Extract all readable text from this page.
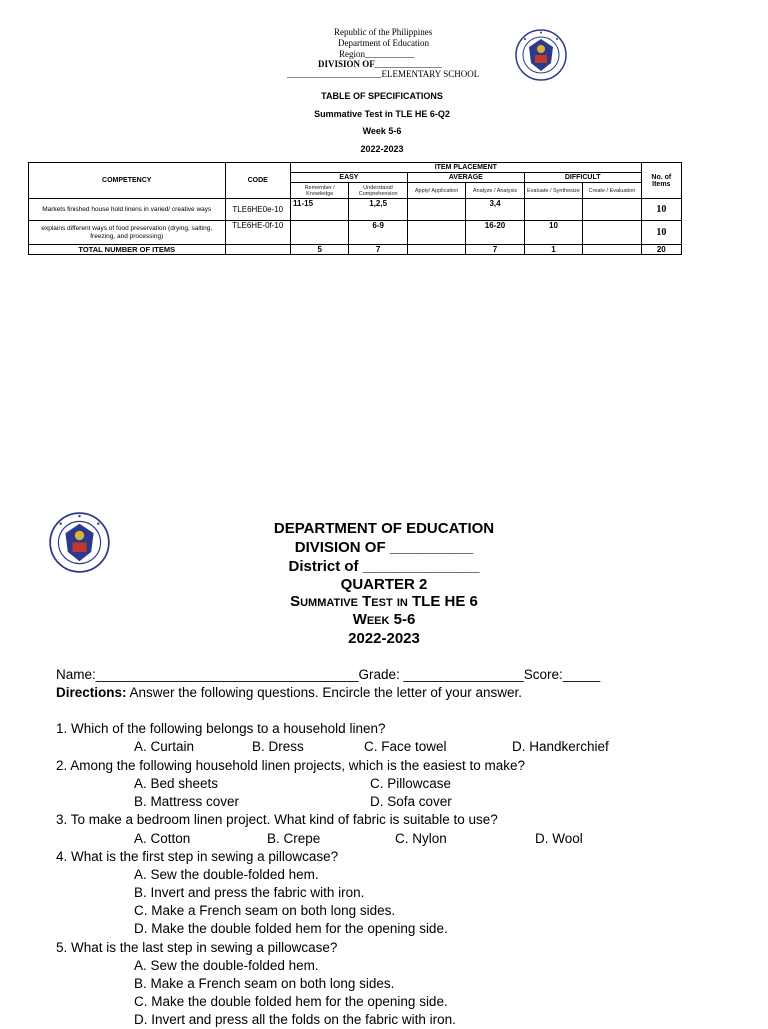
Republic of the Philippines
Department of Education
Region___________
DIVISION OF_______________
_____________________ELEMENTARY SCHOOL
TABLE OF SPECIFICATIONS
Summative Test in TLE HE 6-Q2
Week 5-6
2022-2023
COMPETENCY	CODE	ITEM PLACEMENT						No. of Items
		EASY		AVERAGE		DIFFICULT		
		Remember / Knowledge	Understand/ Comprehension	Apply/ Application	Analyze / Analysis	Evaluate / Synthesize	Create / Evaluation	
Markets finished house hold linens in varied/ creative ways	TLE6HE0e-10	11-15	1,2,5		3,4			10
explains different ways of food preservation (drying, salting, freezing, and processing)	TLE6HE-0f-10		6-9		16-20	10		10
TOTAL NUMBER OF ITEMS		5	7		7	1		20
DEPARTMENT OF EDUCATION
DIVISION OF __________
District of ______________
QUARTER 2
Summative Test in TLE HE 6
Week 5-6
2022-2023
Name:___________________________________Grade: ________________Score:_____
Directions: Answer the following questions. Encircle the letter of your answer.
1. Which of the following belongs to a household linen?
A. Curtain	B. Dress	C. Face towel	D. Handkerchief
2. Among the following household linen projects, which is the easiest to make?
A. Bed sheets	C. Pillowcase
B. Mattress cover	D. Sofa cover
3. To make a bedroom linen project. What kind of fabric is suitable to use?
A. Cotton	B. Crepe	C. Nylon	D. Wool
4. What is the first step in sewing a pillowcase?
A. Sew the double-folded hem.
B. Invert and press the fabric with iron.
C. Make a French seam on both long sides.
D. Make the double folded hem for the opening side.
5. What is the last step in sewing a pillowcase?
A. Sew the double-folded hem.
B. Make a French seam on both long sides.
C. Make the double folded hem for the opening side.
D. Invert and press all the folds on the fabric with iron.
